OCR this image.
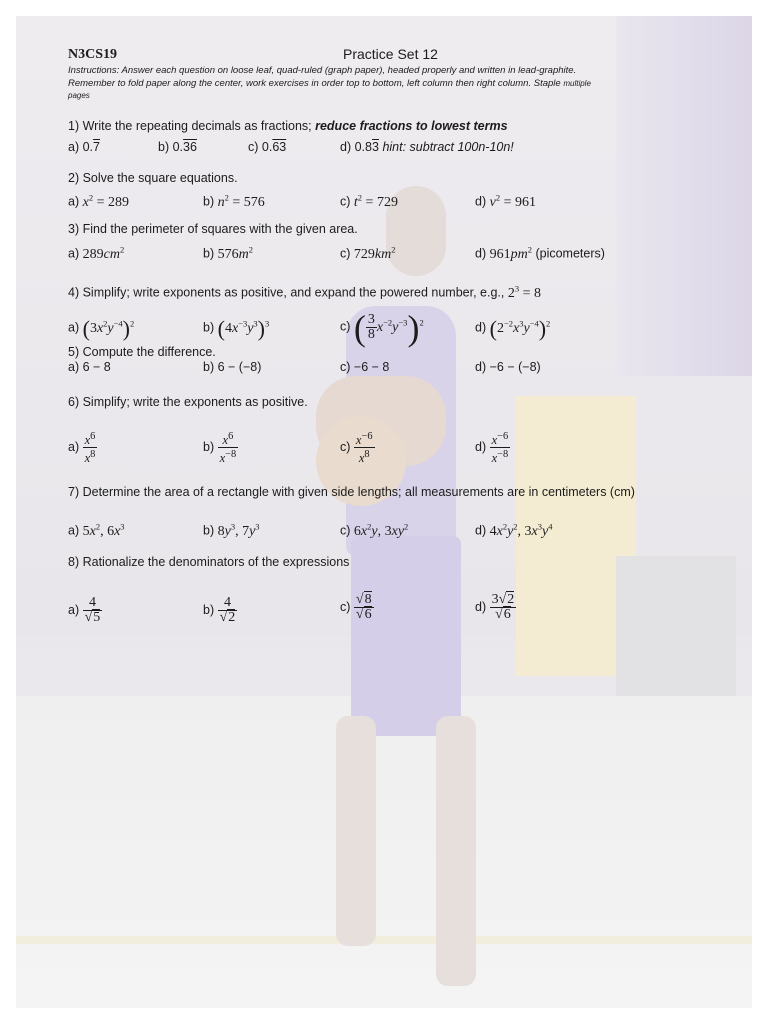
N3CS19	Practice Set 12
Instructions: Answer each question on loose leaf, quad-ruled (graph paper), headed properly and written in lead-graphite.
Remember to fold paper along the center, work exercises in order top to bottom, left column then right column. Staple multiple
pages
1) Write the repeating decimals as fractions; reduce fractions to lowest terms
a) 0.7	b) 0.36	c) 0.63	d) 0.83 hint: subtract 100n-10n!
2) Solve the square equations.
a) $x^2 = 289$	b) $n^2 = 576$	c) $t^2 = 729$	d) $v^2 = 961$
3) Find the perimeter of squares with the given area.
a) $289cm^2$	b) $576m^2$	c) $729km^2$	d) $961pm^2$ (picometers)
4) Simplify; write exponents as positive, and expand the powered number, e.g., $2^3 = 8$
a) $(3x^2y^{-4})^2$	b) $(4x^{-3}y^3)^3$	c) ( $\frac{3}{8} x^{-2}y^{-3})^2$	d) $(2^{-2}x^3y^{-4})^2$
5) Compute the difference.
a) 6 − 8	b) 6 − (−8)	c) −6 − 8	d) −6 − (−8)
6) Simplify; write the exponents as positive.
$a) \frac{x^6}{x^8}$	$b) \frac{x^6}{x^{-8}}$	$c) \frac{x^{-6}}{x^8}$	$d) \frac{x^{-6}}{x^{-8}}$
7) Determine the area of a rectangle with given side lengths; all measurements are in centimeters (cm)
a) $5x^2$, $6x^3$	b) $8y^3$, $7y^3$	c) $6x^2y$, $3xy^2$	d) $4x^2y^2$, $3x^3y^4$
8) Rationalize the denominators of the expressions
$a) \frac{4}{√5}$	$b) \frac{4}{√2}$	$c) \frac{√8}{√6}$	$d) \frac{3√2}{√6}$
